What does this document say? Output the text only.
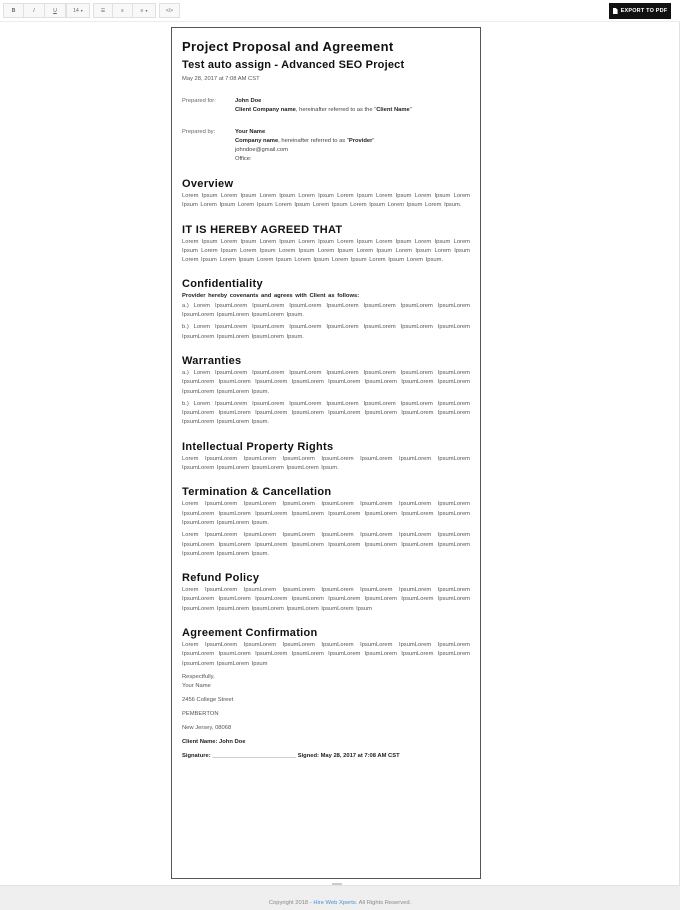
B	I	U	14 ▾	☰	≡	≡ ▾	</>	EXPORT TO PDF
Project Proposal and Agreement
Test auto assign - Advanced SEO Project
May 28, 2017 at 7:08 AM CST
Prepared for:	John Doe
Client Company name, hereinafter referred to as the "Client Name"
Prepared by:	Your Name
Company name, hereinafter referred to as "Provider"
johndoe@gmail.com
Office:
Overview
Lorem Ipsum Lorem Ipsum Lorem Ipsum Lorem Ipsum Lorem Ipsum Lorem Ipsum Lorem Ipsum Lorem Ipsum Lorem Ipsum Lorem Ipsum Lorem Ipsum Lorem Ipsum Lorem Ipsum Lorem Ipsum Lorem Ipsum.
IT IS HEREBY AGREED THAT
Lorem Ipsum Lorem Ipsum Lorem Ipsum Lorem Ipsum Lorem Ipsum Lorem Ipsum Lorem Ipsum Lorem Ipsum Lorem Ipsum Lorem Ipsum Lorem Ipsum Lorem Ipsum Lorem Ipsum Lorem Ipsum Lorem Ipsum Lorem Ipsum Lorem Ipsum Lorem Ipsum Lorem Ipsum Lorem Ipsum Lorem Ipsum Lorem Ipsum.
Confidentiality
Provider hereby covenants and agrees with Client as follows:
a.) Lorem IpsumLorem IpsumLorem IpsumLorem IpsumLorem IpsumLorem IpsumLorem IpsumLorem IpsumLorem IpsumLorem IpsumLorem Ipsum.
b.) Lorem IpsumLorem IpsumLorem IpsumLorem IpsumLorem IpsumLorem IpsumLorem IpsumLorem IpsumLorem IpsumLorem IpsumLorem Ipsum.
Warranties
a.) Lorem IpsumLorem IpsumLorem IpsumLorem IpsumLorem IpsumLorem IpsumLorem IpsumLorem IpsumLorem IpsumLorem IpsumLorem IpsumLorem IpsumLorem IpsumLorem IpsumLorem IpsumLorem IpsumLorem IpsumLorem Ipsum.
b.) Lorem IpsumLorem IpsumLorem IpsumLorem IpsumLorem IpsumLorem IpsumLorem IpsumLorem IpsumLorem IpsumLorem IpsumLorem IpsumLorem IpsumLorem IpsumLorem IpsumLorem IpsumLorem IpsumLorem IpsumLorem Ipsum.
Intellectual Property Rights
Lorem IpsumLorem IpsumLorem IpsumLorem IpsumLorem IpsumLorem IpsumLorem IpsumLorem IpsumLorem IpsumLorem IpsumLorem IpsumLorem Ipsum.
Termination & Cancellation
Lorem IpsumLorem IpsumLorem IpsumLorem IpsumLorem IpsumLorem IpsumLorem IpsumLorem IpsumLorem IpsumLorem IpsumLorem IpsumLorem IpsumLorem IpsumLorem IpsumLorem IpsumLorem IpsumLorem IpsumLorem Ipsum.
Lorem IpsumLorem IpsumLorem IpsumLorem IpsumLorem IpsumLorem IpsumLorem IpsumLorem IpsumLorem IpsumLorem IpsumLorem IpsumLorem IpsumLorem IpsumLorem IpsumLorem IpsumLorem IpsumLorem IpsumLorem Ipsum.
Refund Policy
Lorem IpsumLorem IpsumLorem IpsumLorem IpsumLorem IpsumLorem IpsumLorem IpsumLorem IpsumLorem IpsumLorem IpsumLorem IpsumLorem IpsumLorem IpsumLorem IpsumLorem IpsumLorem IpsumLorem IpsumLorem IpsumLorem IpsumLorem IpsumLorem Ipsum
Agreement Confirmation
Lorem IpsumLorem IpsumLorem IpsumLorem IpsumLorem IpsumLorem IpsumLorem IpsumLorem IpsumLorem IpsumLorem IpsumLorem IpsumLorem IpsumLorem IpsumLorem IpsumLorem IpsumLorem IpsumLorem IpsumLorem Ipsum
Respectfully,
Your Name
2456 College Street
PEMBERTON
New Jersey, 08068
Client Name: John Doe
Signature: __________________________ Signed: May 28, 2017 at 7:08 AM CST
Copyright 2018 - Hire Web Xperts. All Rights Reserved.
